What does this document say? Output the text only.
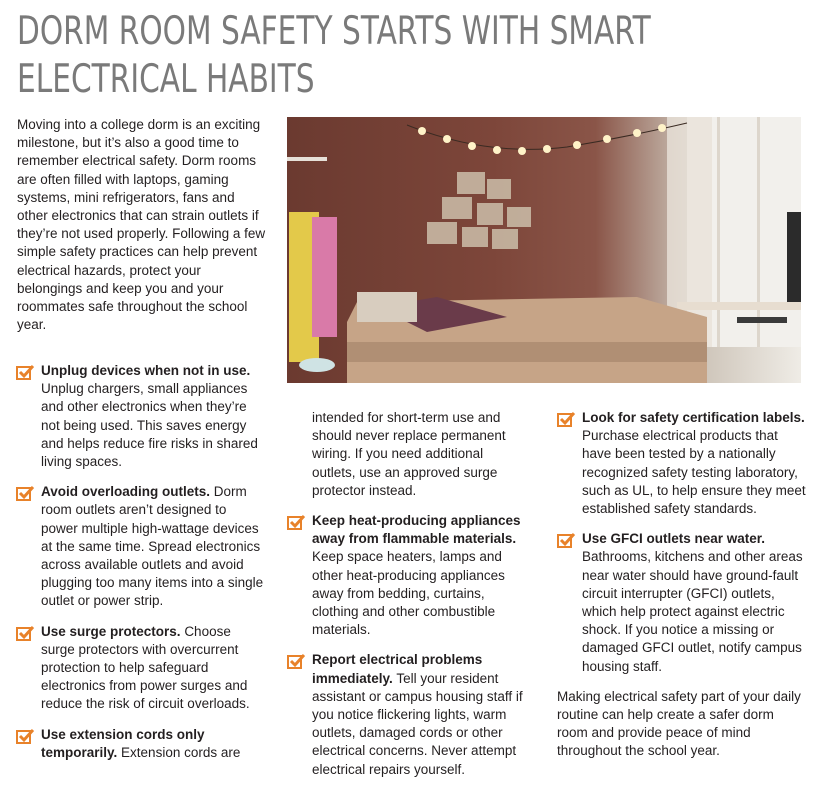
DORM ROOM SAFETY STARTS WITH SMART
ELECTRICAL HABITS

Moving into a college dorm is an exciting milestone, but it’s also a good time to remember electrical safety. Dorm rooms are often filled with laptops, gaming systems, mini refrigerators, fans and other electronics that can strain outlets if they’re not used properly. Following a few simple safety practices can help prevent electrical hazards, protect your belongings and keep you and your roommates safe throughout the school year.

Unplug devices when not in use. Unplug chargers, small appliances and other electronics when they’re not being used. This saves energy and helps reduce fire risks in shared living spaces.

Avoid overloading outlets. Dorm room outlets aren’t designed to power multiple high-wattage devices at the same time. Spread electronics across available outlets and avoid plugging too many items into a single outlet or power strip.

Use surge protectors. Choose surge protectors with overcurrent protection to help safeguard electronics from power surges and reduce the risk of circuit overloads.

Use extension cords only temporarily. Extension cords are

intended for short-term use and should never replace permanent wiring. If you need additional outlets, use an approved surge protector instead.

Keep heat-producing appliances away from flammable materials. Keep space heaters, lamps and other heat-producing appliances away from bedding, curtains, clothing and other combustible materials.

Report electrical problems immediately. Tell your resident assistant or campus housing staff if you notice flickering lights, warm outlets, damaged cords or other electrical concerns. Never attempt electrical repairs yourself.

Look for safety certification labels. Purchase electrical products that have been tested by a nationally recognized safety testing laboratory, such as UL, to help ensure they meet established safety standards.

Use GFCI outlets near water. Bathrooms, kitchens and other areas near water should have ground-fault circuit interrupter (GFCI) outlets, which help protect against electric shock. If you notice a missing or damaged GFCI outlet, notify campus housing staff.

Making electrical safety part of your daily routine can help create a safer dorm room and provide peace of mind throughout the school year.
